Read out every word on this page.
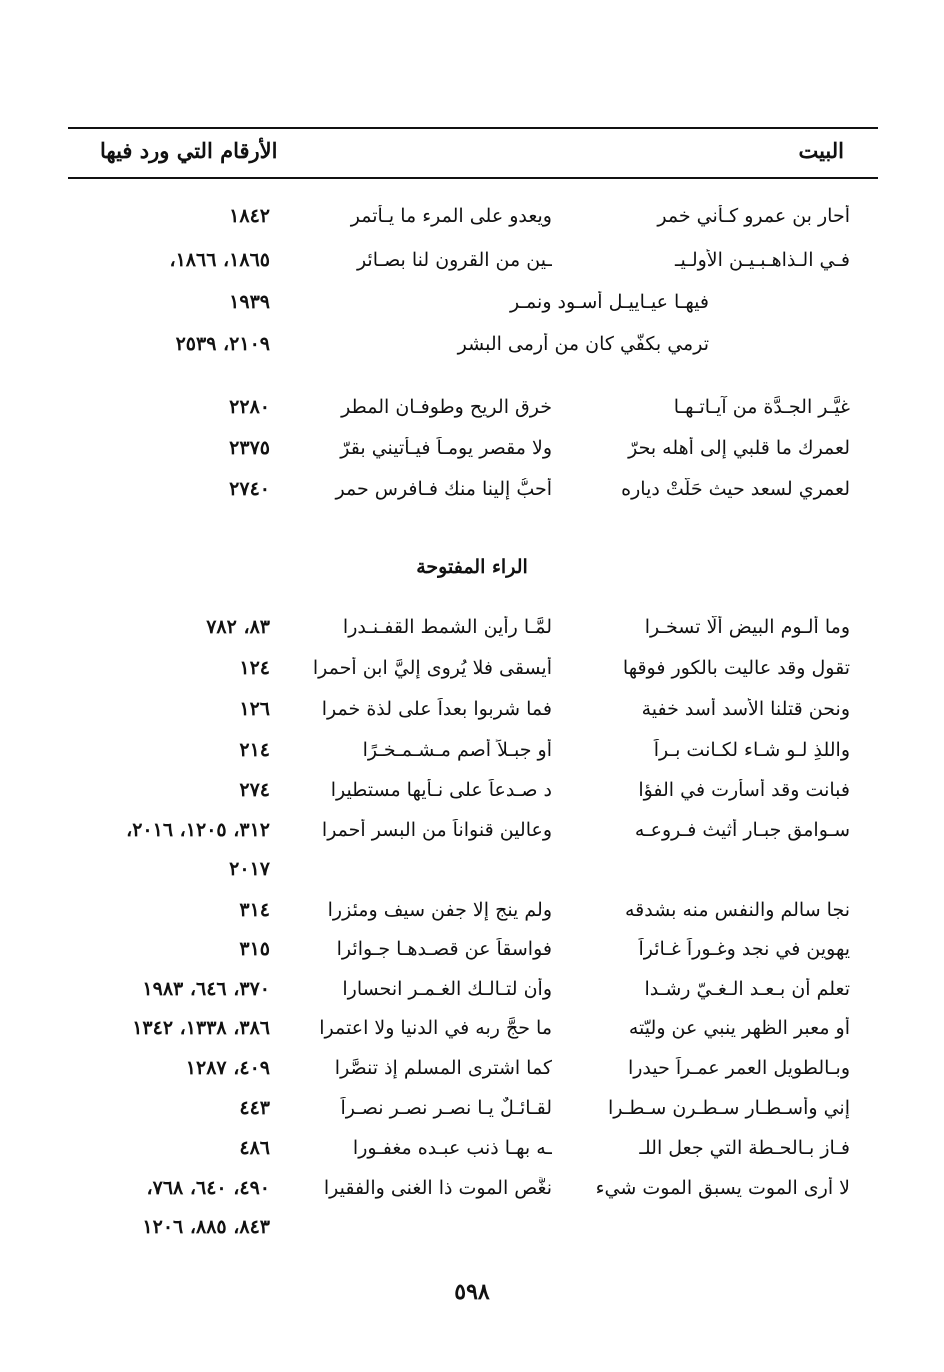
البيت
الأرقام التي ورد فيها
أحار بن عمرو كـأني خمر
ويعدو على المرء ما يـأتمر
١٨٤٢
فـي الـذاهـبـيـن الأولـيـ
ـين من القرون لنا بصـائر
١٨٦٥، ١٨٦٦،
فيهـا عيـاييـل أسـود ونمـر
١٩٣٩
ترمي بكفّي كان من أرمى البشر
٢١٠٩، ٢٥٣٩
غيَّـر الجـدَّة من آيـاتـهـا
خرق الريح وطوفـان المطر
٢٢٨٠
لعمرك ما قلبي إلى أهله بحرّ
ولا مقصر يومـاً فيـأتيني بقرّ
٢٣٧٥
لعمري لسعد حيث حَلَّتْ دياره
أحبُّ إلينا منك فـافرس حمر
٢٧٤٠
الراء المفتوحة
وما ألـوم البيض ألَّا تسخـرا
لمَّـا رأين الشمط القفـنـدرا
٨٣، ٧٨٢
تقول وقد عاليت بالكور فوقها
أيسقى فلا يُروى إليَّ ابن أحمرا
١٢٤
ونحن قتلنا الأسد أسد خفية
فما شربوا بعداً على لذة خمرا
١٢٦
واللذِ لـو شـاء لكـانت بـراً
أو جبـلاً أصم مـشـمـخـرًا
٢١٤
فبانت وقد أسأرت في الفؤا
د صـدعاً على نـأيها مستطيرا
٢٧٤
سـوامق جبـار أثيث فـروعـه
وعالين قنواناً من البسر أحمرا
٣١٢، ١٢٠٥، ٢٠١٦،
٢٠١٧
نجا سالم والنفس منه بشدقه
ولم ينج إلا جفن سيف ومئزرا
٣١٤
يهوين في نجد وغـوراً غـائراً
فواسقاً عن قصـدهـا جـوائرا
٣١٥
تعلم أن بـعـد الـغـيّ رشـدا
وأن لتـالـك الغـمـر انحسارا
٣٧٠، ٦٤٦، ١٩٨٣
أو معبر الظهر ينبي عن وليّته
ما حجَّ ربه في الدنيا ولا اعتمرا
٣٨٦، ١٣٣٨، ١٣٤٢
وبـالطويل العمر عمـراً حيدرا
كما اشترى المسلم إذ تنصَّرا
٤٠٩، ١٢٨٧
إني وأسـطـار سـطـرن سـطـرا
لقـائـلٌ يـا نصـر نصـر نصـراً
٤٤٣
فـاز بـالحـطة التي جعل اللـ
ـه بهـا ذنب عبـده مغفـورا
٤٨٦
لا أرى الموت يسبق الموت شيء
نغَّص الموت ذا الغنى والفقيرا
٤٩٠، ٦٤٠، ٧٦٨،
٨٤٣، ٨٨٥، ١٢٠٦
٥٩٨
